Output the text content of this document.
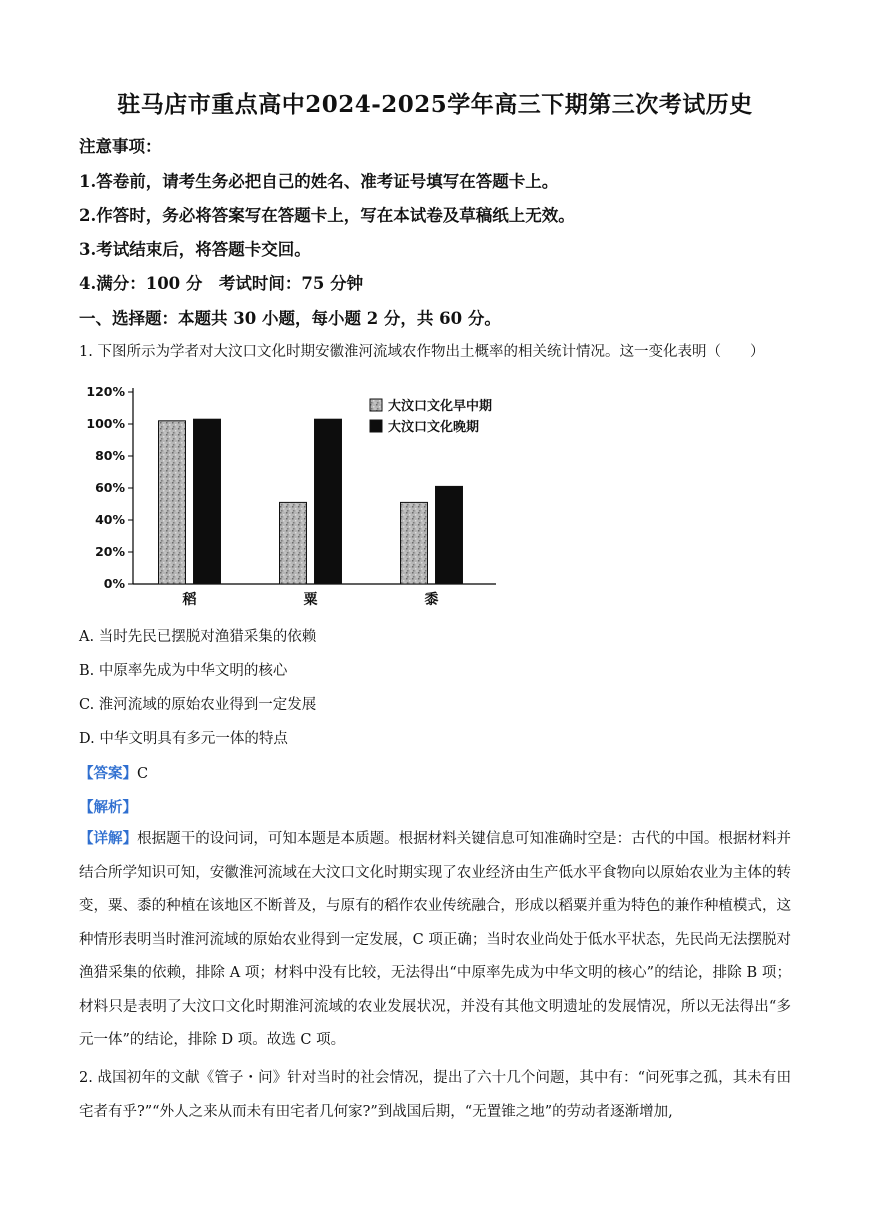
驻马店市重点高中2024-2025学年高三下期第三次考试历史
注意事项：
1.答卷前，请考生务必把自己的姓名、准考证号填写在答题卡上。
2.作答时，务必将答案写在答题卡上，写在本试卷及草稿纸上无效。
3.考试结束后，将答题卡交回。
4.满分：100 分　考试时间：75 分钟
一、选择题：本题共 30 小题，每小题 2 分，共 60 分。
1. 下图所示为学者对大汶口文化时期安徽淮河流域农作物出土概率的相关统计情况。这一变化表明（　　）
0%
20%
40%
60%
80%
100%
120%
稻	粟	黍
大汶口文化早中期
大汶口文化晚期
A. 当时先民已摆脱对渔猎采集的依赖
B. 中原率先成为中华文明的核心
C. 淮河流域的原始农业得到一定发展
D. 中华文明具有多元一体的特点
【答案】C
【解析】
【详解】根据题干的设问词，可知本题是本质题。根据材料关键信息可知准确时空是：古代的中国。根据材料并结合所学知识可知，安徽淮河流域在大汶口文化时期实现了农业经济由生产低水平食物向以原始农业为主体的转变，粟、黍的种植在该地区不断普及，与原有的稻作农业传统融合，形成以稻粟并重为特色的兼作种植模式，这种情形表明当时淮河流域的原始农业得到一定发展，C 项正确；当时农业尚处于低水平状态，先民尚无法摆脱对渔猎采集的依赖，排除 A 项；材料中没有比较，无法得出“中原率先成为中华文明的核心”的结论，排除 B 项；材料只是表明了大汶口文化时期淮河流域的农业发展状况，并没有其他文明遗址的发展情况，所以无法得出“多元一体”的结论，排除 D 项。故选 C 项。
2. 战国初年的文献《管子・问》针对当时的社会情况，提出了六十几个问题，其中有：“问死事之孤，其未有田宅者有乎?”“外人之来从而未有田宅者几何家?”到战国后期，“无置锥之地”的劳动者逐渐增加,
